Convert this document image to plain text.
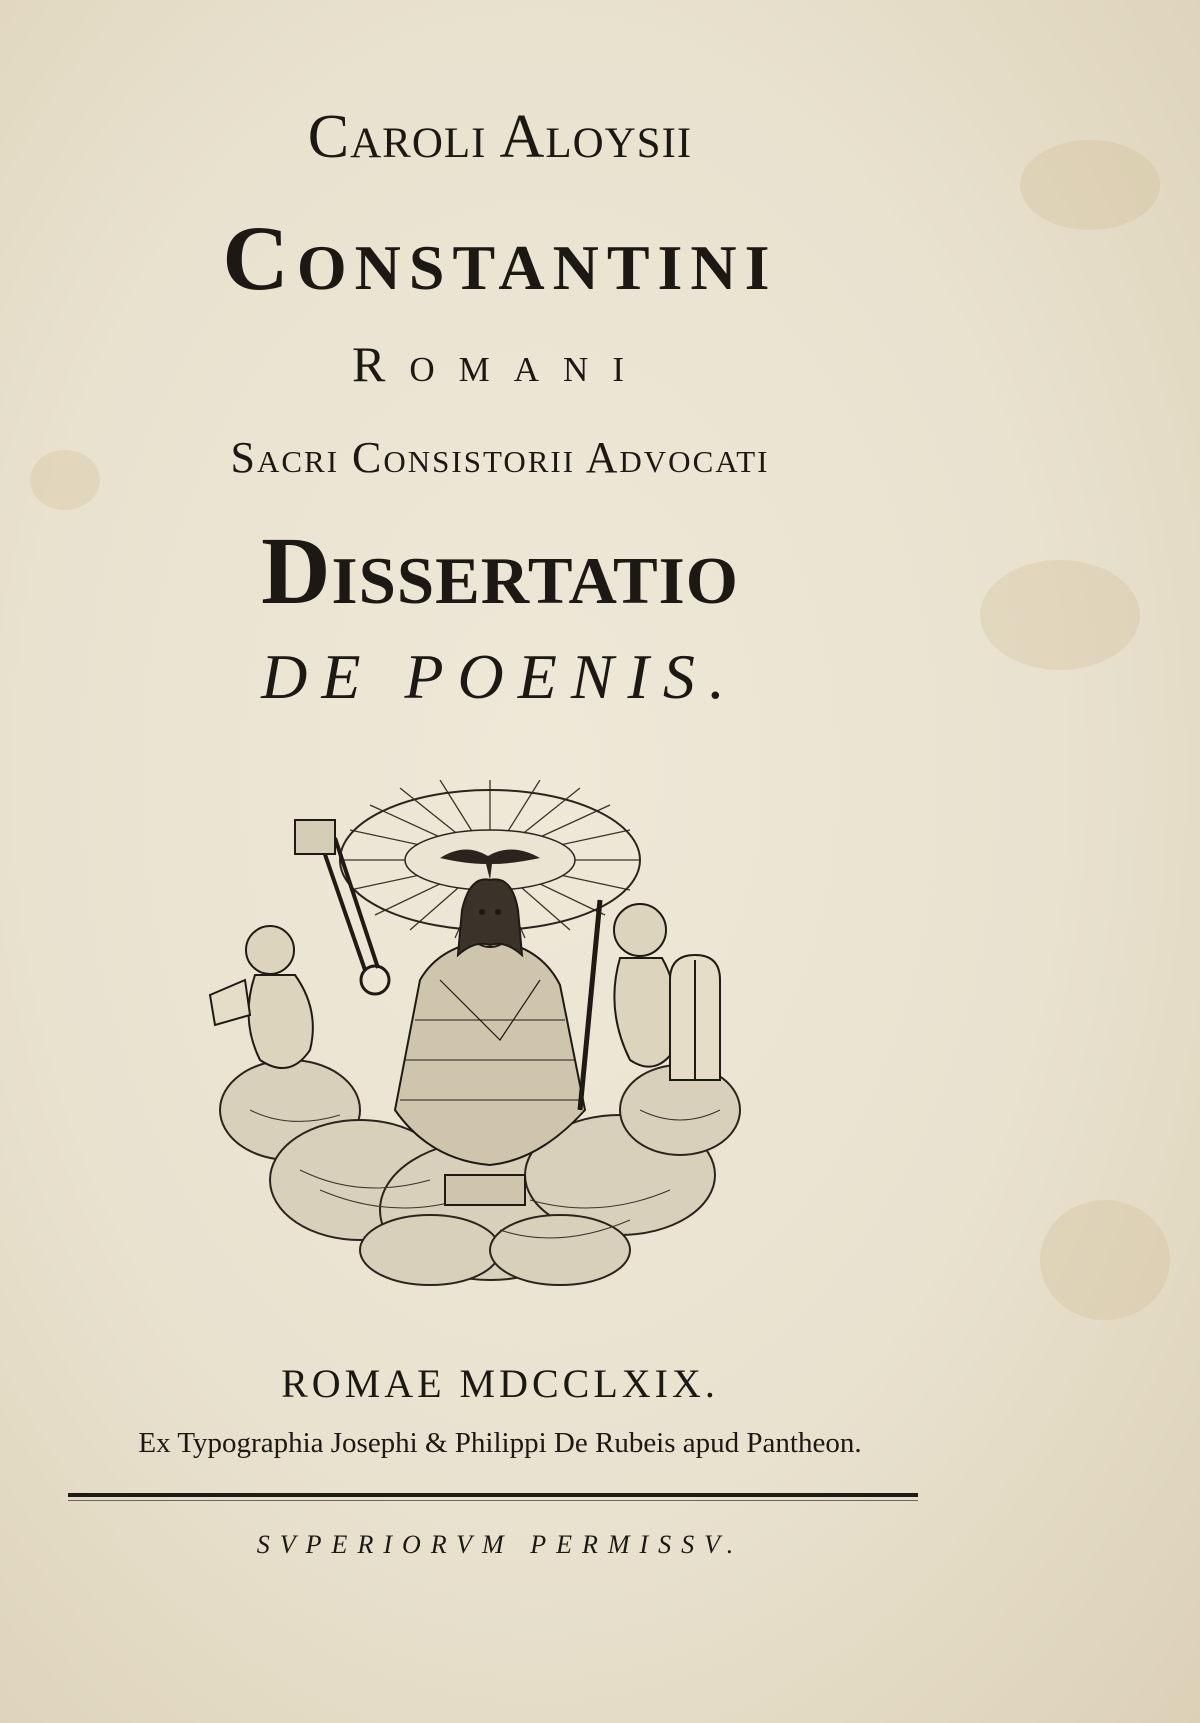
Caroli Aloysii
Constantini
Romani
Sacri Consistorii Advocati
Dissertatio
DE POENIS.
ROMAE MDCCLXIX.
Ex Typographia Josephi & Philippi De Rubeis apud Pantheon.
SVPERIORVM PERMISSV.
